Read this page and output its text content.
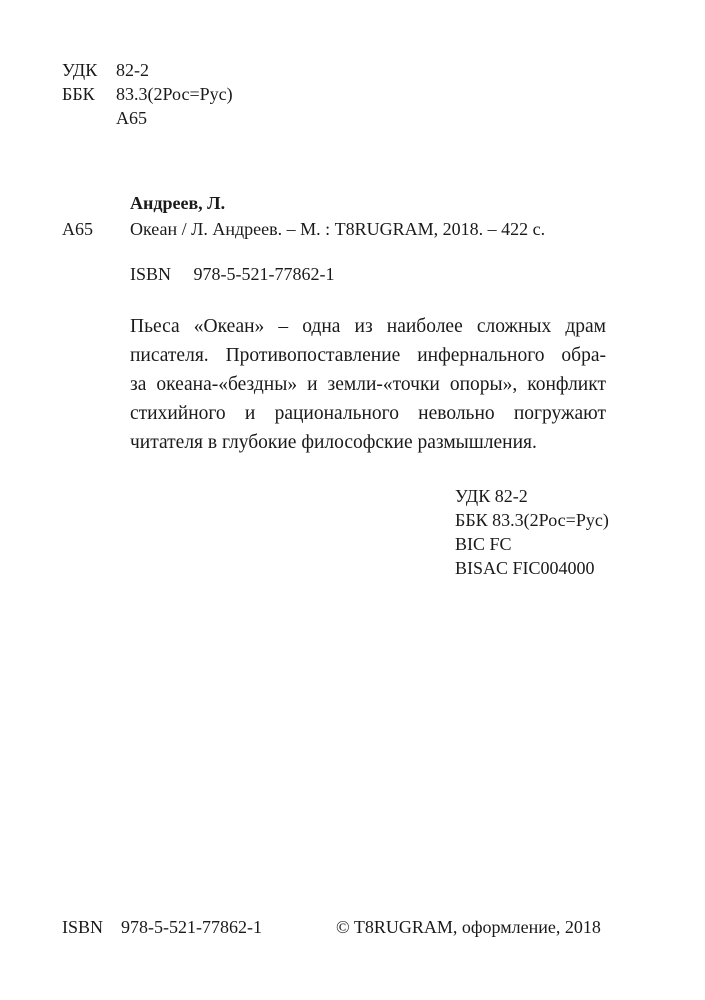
УДК 82-2
ББК 83.3(2Рос=Рус)
А65
Андреев, Л.
А65 Океан / Л. Андреев. – М. : T8RUGRAM, 2018. – 422 с.
ISBN 978-5-521-77862-1
Пьеса «Океан» – одна из наиболее сложных драм
писателя. Противопоставление инфернального обра-
за океана-«бездны» и земли-«точки опоры», конфликт
стихийного и рационального невольно погружают
читателя в глубокие философские размышления.
УДК 82-2
ББК 83.3(2Рос=Рус)
BIC FC
BISAC FIC004000
ISBN 978-5-521-77862-1	© T8RUGRAM, оформление, 2018
